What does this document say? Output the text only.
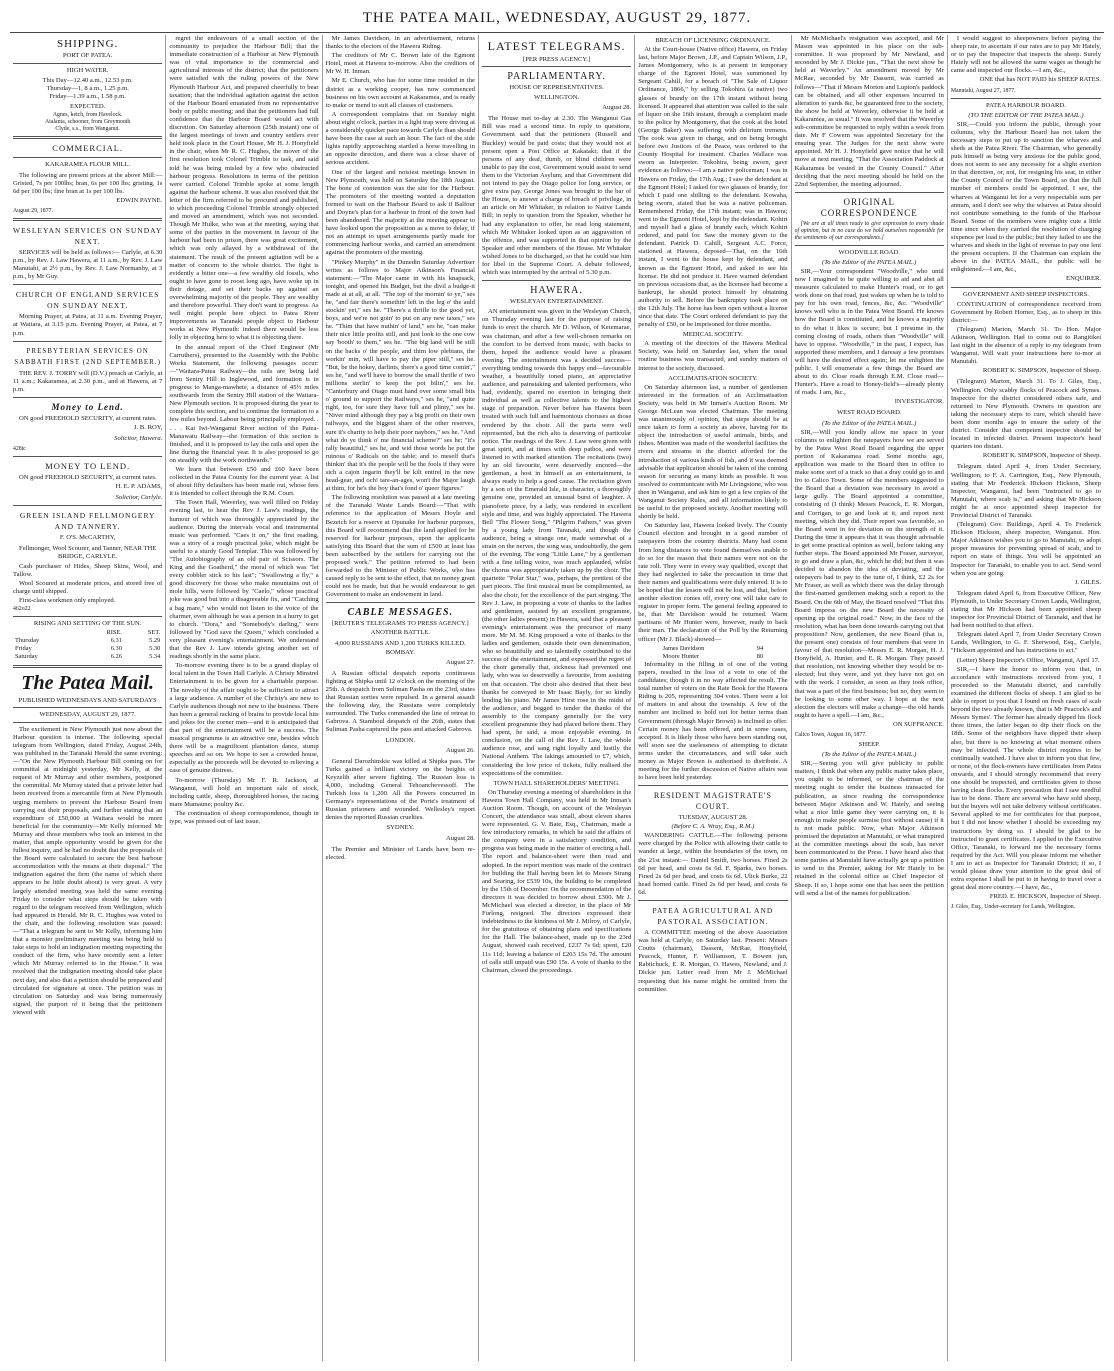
THE PATEA MAIL, WEDNESDAY, AUGUST 29, 1877.
SHIPPING.
PORT OF PATEA.
HIGH WATER.
This Day—12.40 a.m., 12.53 p.m.
Thursday—1, 8 a.m., 1.25 p.m.
Friday—1.39 a.m., 1.58 p.m.
EXPECTED.
Agnes, ketch, from Havelock.
Atalanta, schooner, from Greymouth
Clyde, s.s., from Wanganui.
COMMERCIAL.
KAKARAMEA FLOUR MILL.

The following are present prices at the above Mill:—Gristed, 7s per 100lbs; bran, 6s per 100 lbs; gristing, 1s 6d per 100 lbs; fine bran at 1s per 100 lbs.

EDWIN PAYNE.
August 29, 1877.
WESLEYAN SERVICES ON SUNDAY NEXT.

SERVICES will be held as follows:— Carlyle, at 6.30 p.m., by Rev. J. Law Hawera, at 11 a.m., by Rev. J. Law Manutahi, at 2½ p.m., by Rev. J. Law Normanby, at 3 p.m., by Mr Guy.

CHURCH OF ENGLAND SERVICES ON SUNDAY NEXT.

Morning Prayer, at Patea, at 11 a.m. Evening Prayer, at Waitara, at 3.15 p.m. Evening Prayer, at Patea, at 7 p.m.

PRESBYTERIAN SERVICES ON SABBATH FIRST (2ND SEPTEMBER.)

THE REV. J. TORRY will (D.V.) preach at Carlyle, at 11 a.m.; Kakaramea, at 2.30 p.m., and at Hawera, at 7 p.m.

Money to Lend.

ON good FREEHOLD SECURITY, at current rates.

J. B. ROY,
Solicitor, Hawera.
428tc
MONEY TO LEND.

ON good FREEHOLD SECURITY, at current rates.

H. E. P. ADAMS,
Solicitor, Carlyle.
GREEN ISLAND FELLMONGERY AND TANNERY.
F. O'S. McCARTHY,
Fellmonger, Wool Scourer, and Tanner, NEAR THE BRIDGE, CARLYLE.

Cash purchaser of Hides, Sheep Skins, Wool, and Tallow.

Wool Scoured at moderate prices, and stored free of charge until shipped.

First-class workmen only employed.

462o22
RISING AND SETTING OF THE SUN.
	RISE.	SET.
Thursday	6.31	5.29
Friday	6.30	5.30
Saturday	6.26	5.34
The Patea Mail.
PUBLISHED WEDNESDAYS AND SATURDAYS
WEDNESDAY, AUGUST 29, 1877.

The excitement in New Plymouth just now about the Harbour question is intense. The following special telegram from Wellington, dated Friday, August 24th, was published in the Taranaki Herald the same evening:—"On the New Plymouth Harbour Bill coming on for committal at midnight yesterday, Mr Kelly, at the request of Mr Murray and other members, postponed the committal. Mr Murray stated that a private letter had been received from a mercantile firm at New Plymouth urging members to prevent the Harbour Board from carrying out their proposals, and further stating that an expenditure of £50,000 at Waitara would be more beneficial for the community—Mr Kelly informed Mr Murray and those members who took an interest in the matter, that ample opportunity would be given for the fullest inquiry, and he had no doubt that the proposals of the Board were calculated to secure the best harbour accommodation with the means at their disposal." The indignation against the firm (the name of which there appears to be little doubt about) is very great. A very largely attended meeting was held the same evening Friday to consider what steps should be taken with regard to the telegram received from Wellington, which had appeared in Herald. Mr R. C. Hughes was voted to the chair, and the following resolution was passed:—"That a telegram be sent to Mr Kelly, informing him that a monster preliminary meeting was being held to take steps to hold an indignation meeting respecting the conduct of the firm, who have recently sent a letter which Mr Murray referred to in the House." It was resolved that the indignation meeting should take place next day, and also that a petition should be prepared and circulated for signature at once. The petition was in circulation on Saturday and was being numerously signed, the purport of it being that the petitioners viewed with

regret the endeavours of a small section of the community to prejudice the Harbour Bill; that the immediate construction of a Harbour at New Plymouth was of vital importance to the commercial and agricultural interests of the district; that the petitioners were satisfied with the ruling powers of the New Plymouth Harbour Act, and prepared cheerfully to bear taxation; that the individual agitation against the action of the Harbour Board emanated from no representative body or public meeting; and that the petitioners had full confidence that the Harbour Board would act with discretion. On Saturday afternoon (25th instant) one of the largest meetings of town and country settlers ever held took place in the Court House, Mr H. J. Honyfield in the chair, when Mr R. C. Hughes, the mover of the first resolution took Colonel Trimble to task, and said told he was being misled by a few who obstructed harbour progress. Resolutions in terms of the petition were carried. Colonel Trimble spoke at some length against the harbour scheme. It was also resolved that the letter of the firm referred to be procured and published, to which proceeding Colonel Trimble strongly objected and moved an amendment, which was not seconded. Though Mr Hulke, who was at the meeting, saying that some of the parties in the movement in favour of the harbour had been in prison, there was great excitement, which was only allayed by a withdrawal of the statement. The result of the present agitation will be a matter of concern to the whole district. The fight is evidently a bitter one—a few wealthy old fossils, who ought to have gone to roost long ago, have woke up in their dotage, and set their backs up against an overwhelming majority of the people. They are wealthy and therefore powerful. They don't want to progress. As well might people here object to Patea River improvements as Taranaki people object to Harbour works at New Plymouth: indeed there would be less folly in objecting here to what it is objecting there.

In the annual report of the Chief Engineer (Mr Carruthers), presented to the Assembly with the Public Works Statement, the following passages occur:—"Waitara-Patea Railway—the rails are being laid from Sentry Hill to Inglewood, and formation is in progress to Manga-mawhete, a distance of 45½ miles southwards from the Sentry Hill station of the Waitara-New Plymouth section. It is proposed during the year to complete this section, and to continue the formation to a few miles beyond. Labour being principally employed. . . . . Kai Iwi-Wanganui River section of the Patea-Manawatu Railway—the formation of this section is finished, and it is proposed to lay the rails and open the line during the financial year. It is also proposed to go on steadily with the work northwards."

We learn that between £50 and £60 have been collected in the Patea County for the current year. A list of about fifty defaulters has been made out, whose fees it is intended to collect through the R.M. Court.

The Town Hall, Waverley, was well filled on Friday evening last, to hear the Rev J. Law's readings, the humour of which was thoroughly appreciated by the audience. During the intervals vocal and instrumental music was performed. "Caes it on," the first reading, was a story of a rough practical joke, which might be useful to a sturdy Good Templar. This was followed by "The Autobiography of an old pair of Scissors. The King and the Goatherd," the moral of which was "let every cobbler stick to his last"; "Swallowing a fly," a good discovery for those who make mountains out of mole hills, were followed by "Caelo," whose practical joke was good but into a disagreeable fix, and "Catching a bag mare," who would not listen to the voice of the charmer, even although he was a person in a hurry to get to church. "Dora," and "Somebody's darling," were followed by "God save the Queen," which concluded a very pleasant evening's entertainment. We understand that the Rev J. Law intends giving another set of readings shortly in the same place.

To-morrow evening there is to be a grand display of local talent in the Town Hall Carlyle. A Christy Minstrel Entertainment is to be given for a charitable purpose. The novelty of the affair ought to be sufficient to attract a large audience. A number of the Christy's are new to Carlyle audiences though not new to the business. There has been a general racking of brains to provide local hits and jokes for the corner men—and it is anticipated that that part of the entertainment will be a success. The musical programme is an attractive one, besides which there will be a magnificent plantation dance, stump speeches and so on. We hope to see a crowded house, especially as the proceeds will be devoted to relieving a case of genuine distress.

To-morrow (Thursday) Mr F. R. Jackson, at Wanganui, will hold an important sale of stock, including cattle, sheep, thoroughbred horses, the racing mare Mamaune; poultry &c.

The continuation of sheep correspondence, though in type, was pressed out of last issue.

Mr James Davidson, in an advertisement, returns thanks to the electors of the Hawera Riding.

The creditors of Mr C. Brown late of the Egmont Hotel, meet at Hawera to-morrow. Also the creditors of Mr W. H. Inman.

Mr E. Church, who has for some time resided in the district as a working cooper, has now commenced business on his own account at Kakaramea, and is ready to make or mend to suit all classes of customers.

A correspondent complains that on Sunday night about eight o'clock, parties in a light trap were driving at a considerably quicker pace towards Carlyle than should have been the case at such an hour. The fact of the side lights rapidly approaching startled a horse travelling in an opposite direction, and there was a close shave of serious accident.

One of the largest and noisiest meetings known in New Plymouth, was held on Saturday the 18th August. The bone of contention was the site for the Harbour. The promoters of the meeting wanted a deputation formed to wait on the Harbour Board to ask if Balfour and Doyne's plan for a harbour in front of the town had been abandoned. The majority at the meeting appear to have looked upon the proposition as a move to delay, if not an attempt to upset arrangements partly made for commencing harbour works, and carried an amendment against the promoters of the meeting.

"Pinkey Murphy" in the Dunedin Saturday Advertiser writes as follows to Major Atkinson's Financial statement:—"The Major came in with his knapsack, tonight, and opened his Budget, but the divil a budge-it made at at all, at all. "The top of the mornin' to ye," ses he, "and fair there's somethin' left in the leg o' the auld stockin' yet," ses he. "There's a thrifle to the good yet, boys, and we're not goin' to put on any new taxes," ses he. "Thim that have nuthin' of land," ses he, "can make their nice little profits still, and just look to the one cow say 'booth' to them," ses he. "The big land will be still on the backs o' the people, and thim low plebians, the workin' min, will have to pay the piper still," ses he. "But, be the hokey, darlints, there's a good time comin'," ses he, "and we'll have to borrow the small thrifle o' two millions sterlin' to keep the pot bilin'," ses he. "Canterbury and Otago must hand over some small bits o' ground to support the Railways," ses he, "and quite right, too, for sure they have full and plinty," ses he. "Niver mind although they pay a big profit on their own railways, and the biggest share of the other reserves, sure it's charity to help their poor naybors," ses he. "And what do ye think o' me financial scheme?" ses he; "it's rally beautiful," ses he, and wid those words he put the ruinous o' Radicals on the table; and to meself that's thinkin' that it's the people will be the fools if they were sich a cajon ingarin they'll be kilt entirel in the new head-gear, and och! tare-an-ages, won't the Major laugh at thim, for he's the boy that's fond o' queer figures."

The following resolution was passed at a late meeting of the Taranaki Waste Lands Board:—"That with reference to the application of Messrs Hoyle and Bezeich for a reserve at Opunake for harbour purposes, this Board will recommend that the land applied for be reserved for harbour purposes, upon the applicants satisfying this Board that the sum of £500 at least has been subscribed by the settlers for carrying out the proposed work." The petition referred to had been forwarded to the Minister of Public Works, who has caused reply to be sent to the effect, that no money grant could not be made, but that he would endeavour to get Government to make an endowment in land.

CABLE MESSAGES.
[REUTER'S TELEGRAMS TO PRESS AGENCY.]
ANOTHER BATTLE.
4,000 RUSSIANS AND 1,200 TURKS KILLED.
BOMBAY.
August 27.

A Russian official despatch reports continuous fighting at Shipka until 12 o'clock on the morning of the 25th. A despatch from Suliman Pasha on the 23rd, states that Russian sorties were repulsed. In a general assault the following day, the Russians were completely surrounded. The Turks commanded the line of retreat to Gabrova. A Stamboul despatch of the 26th, states that Suliman Pasha captured the pass and attacked Gabrova.

LONDON.
August 26.

General Darozhinskie was killed at Shipka pass. The Turks gained a brilliant victory on the heights of Keyzelih after severe fighting. The Russian loss is 4,000, including General Tehoanchevessoff. The Turkish loss is 1,200. All the Powers concurred in Germany's representations of the Porte's treatment of Russian prisoners and wounded. Wellesley's report denies the reported Russian cruelties.

SYDNEY.
August 28.

The Premier and Minister of Lands have been re-elected.

LATEST TELEGRAMS.
[PER PRESS AGENCY.]
PARLIAMENTARY.
HOUSE OF REPRESENTATIVES.
WELLINGTON.
August 28.

The House met to-day at 2.30. The Wanganui Gas Bill was read a second time. In reply to questions, Government said that the petitioners (Russell and Buckley) would be paid costs; that they would not at present open a Post Office at Kakataki; that if the persons of any deaf, dumb, or blind children were unable to pay the cost, Government would assist to send them to the Victorian Asylum; and that Government did not intend to pay the Otago police for long service, or give extra pay. George Jones was brought to the bar of the House, to answer a charge of breach of privilege, in an article on Mr Whitaker, in relation to Native Lands Bill; in reply to question from the Speaker, whether he had any explanation to offer, he read long statement, which Mr Whitaker looked upon as an aggravation of the offence, and was supported in that opinion by the Speaker and other members of the House. Mr Whitaker wished Jones to be discharged, so that he could sue him for libel in the Supreme Court. A debate followed, which was interrupted by the arrival of 5.30 p.m.

HAWERA.
WESLEYAN ENTERTAINMENT.

AN entertainment was given in the Wesleyan Church, on Thursday evening last for the purpose of raising funds to erect the church. Mr D. Wilson, of Ketemarae, was chairman, and after a few well-chosen remarks on the comfort to be derived from music, with backs to them, hoped the audience would have a pleasant evening. The entertainment was a decided success—everything tending towards this happy end—favourable weather, a beautifully toned piano, an appreciative audience, and painstaking and talented performers, who had, evidently, spared no exertion in bringing their individual as well as collective talents to the highest stage of preparation. Never before has Hawera been treated with such full and harmonious choruses as those rendered by the choir. All the parts were well represented, but the rich alto is deserving of particular notice. The readings of the Rev. J. Law were given with great spirit, and at times with deep pathos, and were listened to with marked attention. The recitations (two) by an old favourite, were deservedly encored—the gentleman, a host in himself as an entertainment, is always ready to help a good cause. The recitation given by a son of the Emerald Isle, in character, a thoroughly genuine one, provided an unusual burst of laughter. A pianoforte piece, by a lady, was rendered in excellent style and time, and was highly appreciated. The Hawera Bell "The Flower Song," "Pilgrim Fathers," was given by a young lady from Taranaki, and though the audience, being a strange one, made somewhat of a strain on the nerves, the song was, undoubtedly, the gem of the evening. The song "Little Lane," by a gentleman with a fine telling voice, was much applauded, whilst the chorus was appropriately taken up by the choir. The quartette "Polar Star," was, perhaps, the prettiest of the part pieces. The first musical must be complimented, as also the choir, for the excellence of the part singing. The Rev J. Law, in proposing a vote of thanks to the ladies and gentlemen, assisted by an excellent programme, (the other ladies present) in Hawera, said that a pleasant evening's entertainment was the precursor of many more. Mr M. M. King proposed a vote of thanks to the ladies and gentlemen, outside their own denomination, who so beautifully and so talentedly contributed to the success of the entertainment, and expressed the regret of the choir generally that, sickness had prevented one lady, who was so deservedly a favourite, from assisting on that occasion. The choir also desired that their best thanks be conveyed to Mr Isaac Bayly, for so kindly lending his piano. Mr James Hirst rose in the midst of the audience, and begged to tender the thanks of the assembly to the company generally for the very excellent programme they had placed before them. They had spent, he said, a most enjoyable evening. In conclusion, on the call of the Rev J. Law, the whole audience rose, and sang right loyally and lustily the National Anthem. The takings amounted to £7, which, considering the low price of tickets, fully realised the expectations of the committee.

TOWN HALL SHAREHOLDERS' MEETING.

On Thursday evening a meeting of shareholders in the Hawera Town Hall Company, was held in Mr Inman's Auction Room. Though, on account of the Wesleyan Concert, the attendance was small, about eleven shares were represented. G. V. Bate, Esq., Chairman, made a few introductory remarks, in which he said the affairs of the company were in a satisfactory condition, and progress was being made in the matter of erecting a hall. The report and balance-sheet were then read and adopted. In the report mention was made of the contract for building the Hall having been let to Messrs Strang and Searing, for £539 10s, the building to be completed by the 15th of December. On the recommendation of the directors it was decided to borrow about £300. Mr J. McMichael was elected a director, in the place of Mr Furlong, resigned. The directors expressed their indebtedness to the kindness of Mr J. Milroy, of Carlyle, for the gratuitous of obtaining plans and specifications for the Hall. The balance-sheet, made up to the 23rd August, showed cash received, £237 7s 6d; spent, £20 11s 11d; leaving a balance of £203 15s 7d. The amount of calls still unpaid was £90 15s. A vote of thanks to the Chairman, closed the proceedings.

BREACH OF LICENSING ORDINANCE.

At the Court-house (Native office) Hawera, on Friday last, before Major Brown, J.P., and Captain Wilson, J.P., James Montgomery, who is at present in temporary charge of the Egmont Hotel, was summoned by Sergeant Cahill, for a breach of "The Sale of Liquor Ordinance, 1866," by selling Tokohira (a native) two glasses of brandy on the 17th instant without being licensed. It appeared that attention was called to the sale of liquor on the 16th instant, through a complaint made to the police by Montgomery, that the cook at the hotel (George Baker) was suffering with delirium tremens. The cook was given in charge, and on being brought before two Justices of the Peace, was ordered to the County Hospital for treatment. Charles Wallace was sworn as Interpreter. Tokohira, being sworn, gave evidence as follows:—I am a native policeman; I was in Hawera on Friday, the 17th Aug.; I saw the defendant at the Egmont Hotel; I asked for two glasses of brandy, for which I paid one shilling to the defendant. Kowaha, being sworn, stated that he was a native policeman. Remembered Friday, the 17th instant; was in Hawera; went to the Egmont Hotel, kept by the defendant. Kohiri and myself had a glass of brandy each, which Kohiri ordered, and paid for. Saw the money given to the defendant. Patrick D. Cahill, Sergeant A.C. Force, stationed at Hawera, deposed—That, on the 16th instant, I went to the house kept by defendant, and known as the Egmont Hotel, and asked to see his license. He did not produce it. Have warned defendant on previous occasions that, as the licensee had become a bankrupt, he should protect himself by obtaining authority to sell. Before the bankruptcy took place on the 12th July. The horse has been open without a license since that date. The Court ordered defendant to pay the penalty of £50, or be imprisoned for three months.

MEDICAL SOCIETY.

A meeting of the directors of the Hawera Medical Society, was held on Saturday last, when the usual routine business was transacted, and sundry matters of interest to the society, discussed.

ACCLIMATISATION SOCIETY.

On Saturday afternoon last, a number of gentlemen interested in the formation of an Acclimatisation Society, was held in Mr Inman's Auction Room. Mr George McLean was elected Chairman. The meeting was unanimously of opinion, that steps should be at once taken to form a society as above, having for its object the introduction of useful animals, birds, and fishes. Mention was made of the wonderful facilities the rivers and streams in the district afforded for the introduction of various kinds of fish, and it was deemed advisable that application should be taken of the coming season for securing as many kinds as possible. It was resolved to communicate with Mr Livingstone, who was then in Wanganui, and ask him to get a few copies of the Wanganui Society Rules, and all information likely to be useful to the proposed society. Another meeting will shortly be held.

On Saturday last, Hawera looked lively. The County Council election and brought in a good number of ratepayers from the country districts. Many had come from long distances to vote found themselves unable to do so for the reason that their names were not on the rate roll. They were in every way qualified, except that they had neglected to take the precaution in time that their names and qualifications were duly entered. It is to be hoped that the lesson will not be lost, and that, before another election comes off, every one will take care to register in proper form. The general feeling appeared to be, that Mr Davidson would be returned. Warm partisans of Mr Hunter were, however, ready to back their man. The declaration of the Poll by the Returning officer (Mr J. Black) showed—

James Davidson	94
Moore Hunter	80

Informality in the filling in of one of the voting papers, resulted in the loss of a vote to one of the candidates; though it in no way affected the result. The total number of voters on the Rate Book for the Hawera Riding is 205, representing 304 votes. There were a lot of matters in and about the township. A few of the number are inclined to hold out for better terms than Government (through Major Brown) is inclined to offer. Certain money has been offered, and in some cases, accepted. It is likely those who have been standing out, will soon see the uselessness of attempting to dictate terms under the circumstances, and will take such money as Major Brown is authorised to distribute. A meeting for the further discussion of Native affairs was to have been held yesterday.

RESIDENT MAGISTRATE'S COURT.
TUESDAY, AUGUST 28.
(Before C. A. Wray, Esq., R.M.)

WANDERING CATTLE.—The following persons were charged by the Police with allowing their cattle to wander at large, within the boundaries of the town, on the 21st instant:— Daniel Smith, two horses. Fined 2s 6d per head, and costs 6s 6d. F. Sparks, two horses. Fined 2s 6d per head, and costs 6s 6d. Ulick Burke, 22 head horned cattle. Fined 2s 6d per head, and costs 6s 6d.

PATEA AGRICULTURAL AND PASTORAL ASSOCIATION.

A COMMITTEE meeting of the above Association was held at Carlyle, on Saturday last. Present: Messrs Coutts (chairman), Dassent, McRae, Honyfield, Peacock, Hunter, F. Williamson, T. Bowen jun, Rabitchuck, E. R. Morgan, O. Hawes, Newland, and J. Dickie jun. Letter read from Mr J. McMichael requesting that his name might be omitted from the committee.

Mr McMichael's resignation was accepted, and Mr Mason was appointed in his place on the sub-committee. It was proposed by Mr Newland, and seconded by Mr J. Dickie jun., "That the next show be held at Waverley." An amendment moved by Mr McRae, seconded by Mr Dassent, was carried as follows—"That if Messrs Morton and Lupton's paddock can be obtained, and all other expenses incurred in alteration to yards &c, be guaranteed free to the society, the show be held at Waverley, otherwise it be held at Kakaramea, as usual." It was resolved that the Waverley sub-committee be requested to reply within a week from date. Mr F Cowern was appointed Secretary for the ensuing year. The Judges for the next show were appointed. Mr H. J. Honyfield gave notice that he will move at next meeting, "That the Association Paddock at Kakaramea be vested in the County Council." After deciding that the next meeting should be held on the 22nd September, the meeting adjourned.

ORIGINAL CORRESPONDENCE

[We are at all times ready to give expression to every shade of opinion, but in no case do we hold ourselves responsible for the sentiments of our correspondents.]

WOODVILLE ROAD.
(To the Editor of the PATEA MAIL.)

SIR,—Your correspondent "Woodville," who until now I imagined to be quite willing to aid and abet all measures calculated to make Hunter's road, or to get work done on that road, just wakes up when he is told to pay for his own road, fences, &c, &c. "Woodville" knows well who is in the Patea West Board. He knows how the Board is constituted, and he knows a majority to do what it likes is secure; but I presume in the coming closing of roads, others than "Woodville" will have to oppose. "Woodville," in the past, I expect, has supported these members, and I daresay a few promises will have the desired effect again; let me enlighten the public. I will enumerate a few things the Board are about to do. Close roads through E.M. Close road—Hunter's. Have a road to Honey-field's—already plenty of roads. I am, &c.,

INVESTIGATOR.
WEST ROAD BOARD.
(To the Editor of the PATEA MAIL.)

SIR,—Will you kindly allow me space in your columns to enlighten the ratepayers how we are served by the Patea West Road Board regarding the upper portion of Kakaramea road. Some months ago, application was made to the Board then in office to make some sort of a track so that a dray could go to and fro to Calico Town. Some of the members suggested to the Board that a deviation was necessary to avoid a large gully. The Board appointed a committee, consisting of (I think) Messrs Peacock, E. R. Morgan, and Corrigan, to go and look at it, and report next meeting, which they did. Their report was favorable, so the Board went in for deviation on the strength of it. During the time it appears that it was thought advisable to get some practical opinion as well, before taking any further steps. The Board appointed Mr Fraser, surveyor, to go and draw a plan, &c, which he did; but then it was decided to abandon the idea of deviating, and the ratepayers had to pay to the tune of, I think, £2 2s for Mr Fraser, as well as which there was the delay through the first-named gentlemen making such a report to the Board. On the 6th of May, the Board resolved "That this Board impress on the new Board the necessity of opening up the original road." Now, in the face of the resolution, what has been done towards carrying out that proposition? Now, gentlemen, the new Board (that is, the present one) consists of four members that were in favour of that resolution—Messrs E. R. Morgan, H. J. Honyfield, A. Hunter, and E. R. Morgan. They passed that resolution, not knowing whether they would be re-elected; but they were, and yet they have not got on with the work. I consider, as soon as they took office, that was a part of the first business; but no, they seem to be looking to some other way. I hope at the next election the electors will make a change—the old hands ought to have a spell.—I am, &c.,

ON SUFFRANCE.
Calico Town, August 16, 1877.
SHEEP.
(To the Editor of the PATEA MAIL.)

SIR,—Seeing you will give publicity to public matters, I think that when any public matter takes place, you ought to be informed, or the chairman of the meeting ought to tender the business transacted for publication, as since reading the correspondence between Major Atkinson and W. Hately, and seeing what a nice little game they were carrying on, it is enough to make people surmise (not without cause) if it is not made public. Now, what Major Atkinson promised the deputation at Manutahi, or what transpired at the committee meetings about the scab, has never been communicated to the Press. I have heard also that some parties at Manutahi have actually got up a petition to send to the Premier, asking for Mr Hately to be retained in the colonial office as Chief Inspector of Sheep. If so, I hope some one that has seen the petition will send a list of the names for publication.

I would suggest to sheepowners before paying the sheep rate, to ascertain if our rates are to pay Mr Hately, or to pay the Inspector that inspects the sheep. Surely Hately will not be allowed the same wages as though he came and inspected our flocks.—I am, &c.,

ONE that has NOT PAID his SHEEP RATES.
Manutahi, August 27, 1877.
PATEA HARBOUR BOARD.
(TO THE EDITOR OF THE PATEA MAIL.)

SIR,—Could you inform the public, through your columns, why the Harbour Board has not taken the necessary steps to put up to sanction the wharves and sheds at the Patea River. The Chairman, who generally puts himself as being very anxious for the public good, does not seem to see any necessity for a slight exertion in that direction, or, not, for resigning his seat, in either the County Council or the Town Board, so that the full number of members could be appointed. I see, the wharves at Wanganui let for a very respectable sum per annum, and I don't see why the wharves at Patea should not contribute something to the funds of the Harbour Board. Some of the members were mighty cute a little time since when they carried the resolution of charging sixpence per load to the public; but they failed to see the wharves and sheds in the light of revenue to pay one lent the present occupiers. If the Chairman can explain the above in the PATEA MAIL, the public will be enlightened.—I am, &c.,

ENQUIRER.
GOVERNMENT AND SHEEP INSPECTORS.

CONTINUATION of correspondence received from Government by Robert Horner, Esq., as to sheep in this district:—

(Telegram) Marton, March 31. To Hon. Major Atkinson, Wellington. Had to come out to Rangitikei last night in the absence of a reply to my telegram from Wanganui. Will wait your instructions here to-mor at Manutahi.

ROBERT K. SIMPSON, Inspector of Sheep.

(Telegram) Marton, March 31. To J. Giles, Esq., Wellington. Only scabby flocks of Peacock and Symes. Inspector for the district considered others safe, and returned to New Plymouth. Owners in question are taking the necessary steps to cure, which should have been done months ago to ensure the safety of the district. Consider that competent inspector should be located in infected district. Present inspector's head quarters too distant.

ROBERT K. SIMPSON, Inspector of Sheep.

Telegram dated April 4, from Under Secretary, Wellington, to F. A. Carrington, Esq., New Plymouth, stating that Mr Frederick Hickson Hickson, Sheep Inspector, Wanganui, had been "instructed to go to Manutahi, where scab is," and asking that Mr Hickson might be at once appointed sheep inspector for Provincial District of Taranaki.

(Telegram) Gov. Buildings, April 4. To Frederick Hickson Hickson, sheep inspector, Wanganui. Hon. Major Atkinson wishes you to go to Manutahi, to adopt proper measures for preventing spread of scab, and to report on state of things. You will be appointed an Inspector for Taranaki, to enable you to act. Send word when you are going.

J. GILES.

Telegram dated April 6, from Executive Officer, New Plymouth, to Under Secretary Crown Lands, Wellington, stating that Mr Hickson had been appointed sheep inspector for Provincial District of Taranaki, and that he had been notified to that effect.

Telegram dated April 7, from Under Secretary Crown Lands, Wellington, to G. F. Sherwood, Esq., Carlyle, "Hickson appointed and has instructions to act."

(Letter) Sheep Inspector's Office, Wanganui, April 17.

SIR,—I have the honor to inform you that, in accordance with instructions received from you, I proceeded to the Manutahi district, and carefully examined the different flocks of sheep. I am glad to be able to report to you that I found on fresh cases of scab beyond the two already known, that is Mr Peacock's and Messrs Symes'. The former has already dipped his flock three times, the latter began to dip their flock on the 18th. Some of the neighbors have dipped their sheep also, but there is no knowing at what moment others may be infected. The whole district requires to be continually watched. I have also to inform you that few, or none, of the flock-owners have certificates from Patea onwards, and I should strongly recommend that every one should be inspected, and certificates given to those having clean flocks. Every precaution that I saw needful has to be done. There are several who have sold sheep, but the buyers will not take delivery without certificates. Several applied to me for certificates for that purpose, but I did not know whether I should be exceeding my instructions by doing so. I should be glad to be instructed to grant certificates. I applied to the Executive Office, Taranaki, to forward me the necessary forms required by the Act. Will you please inform me whether I am to act as Inspector for Taranaki District; if so, I would please draw your attention to the great deal of extra expense I shall be put to in having to travel over a great deal more country.—I have, &c.,

FRED. E. HICKSON, Inspector of Sheep.
J. Giles, Esq., Under-secretary for Lands, Wellington.
